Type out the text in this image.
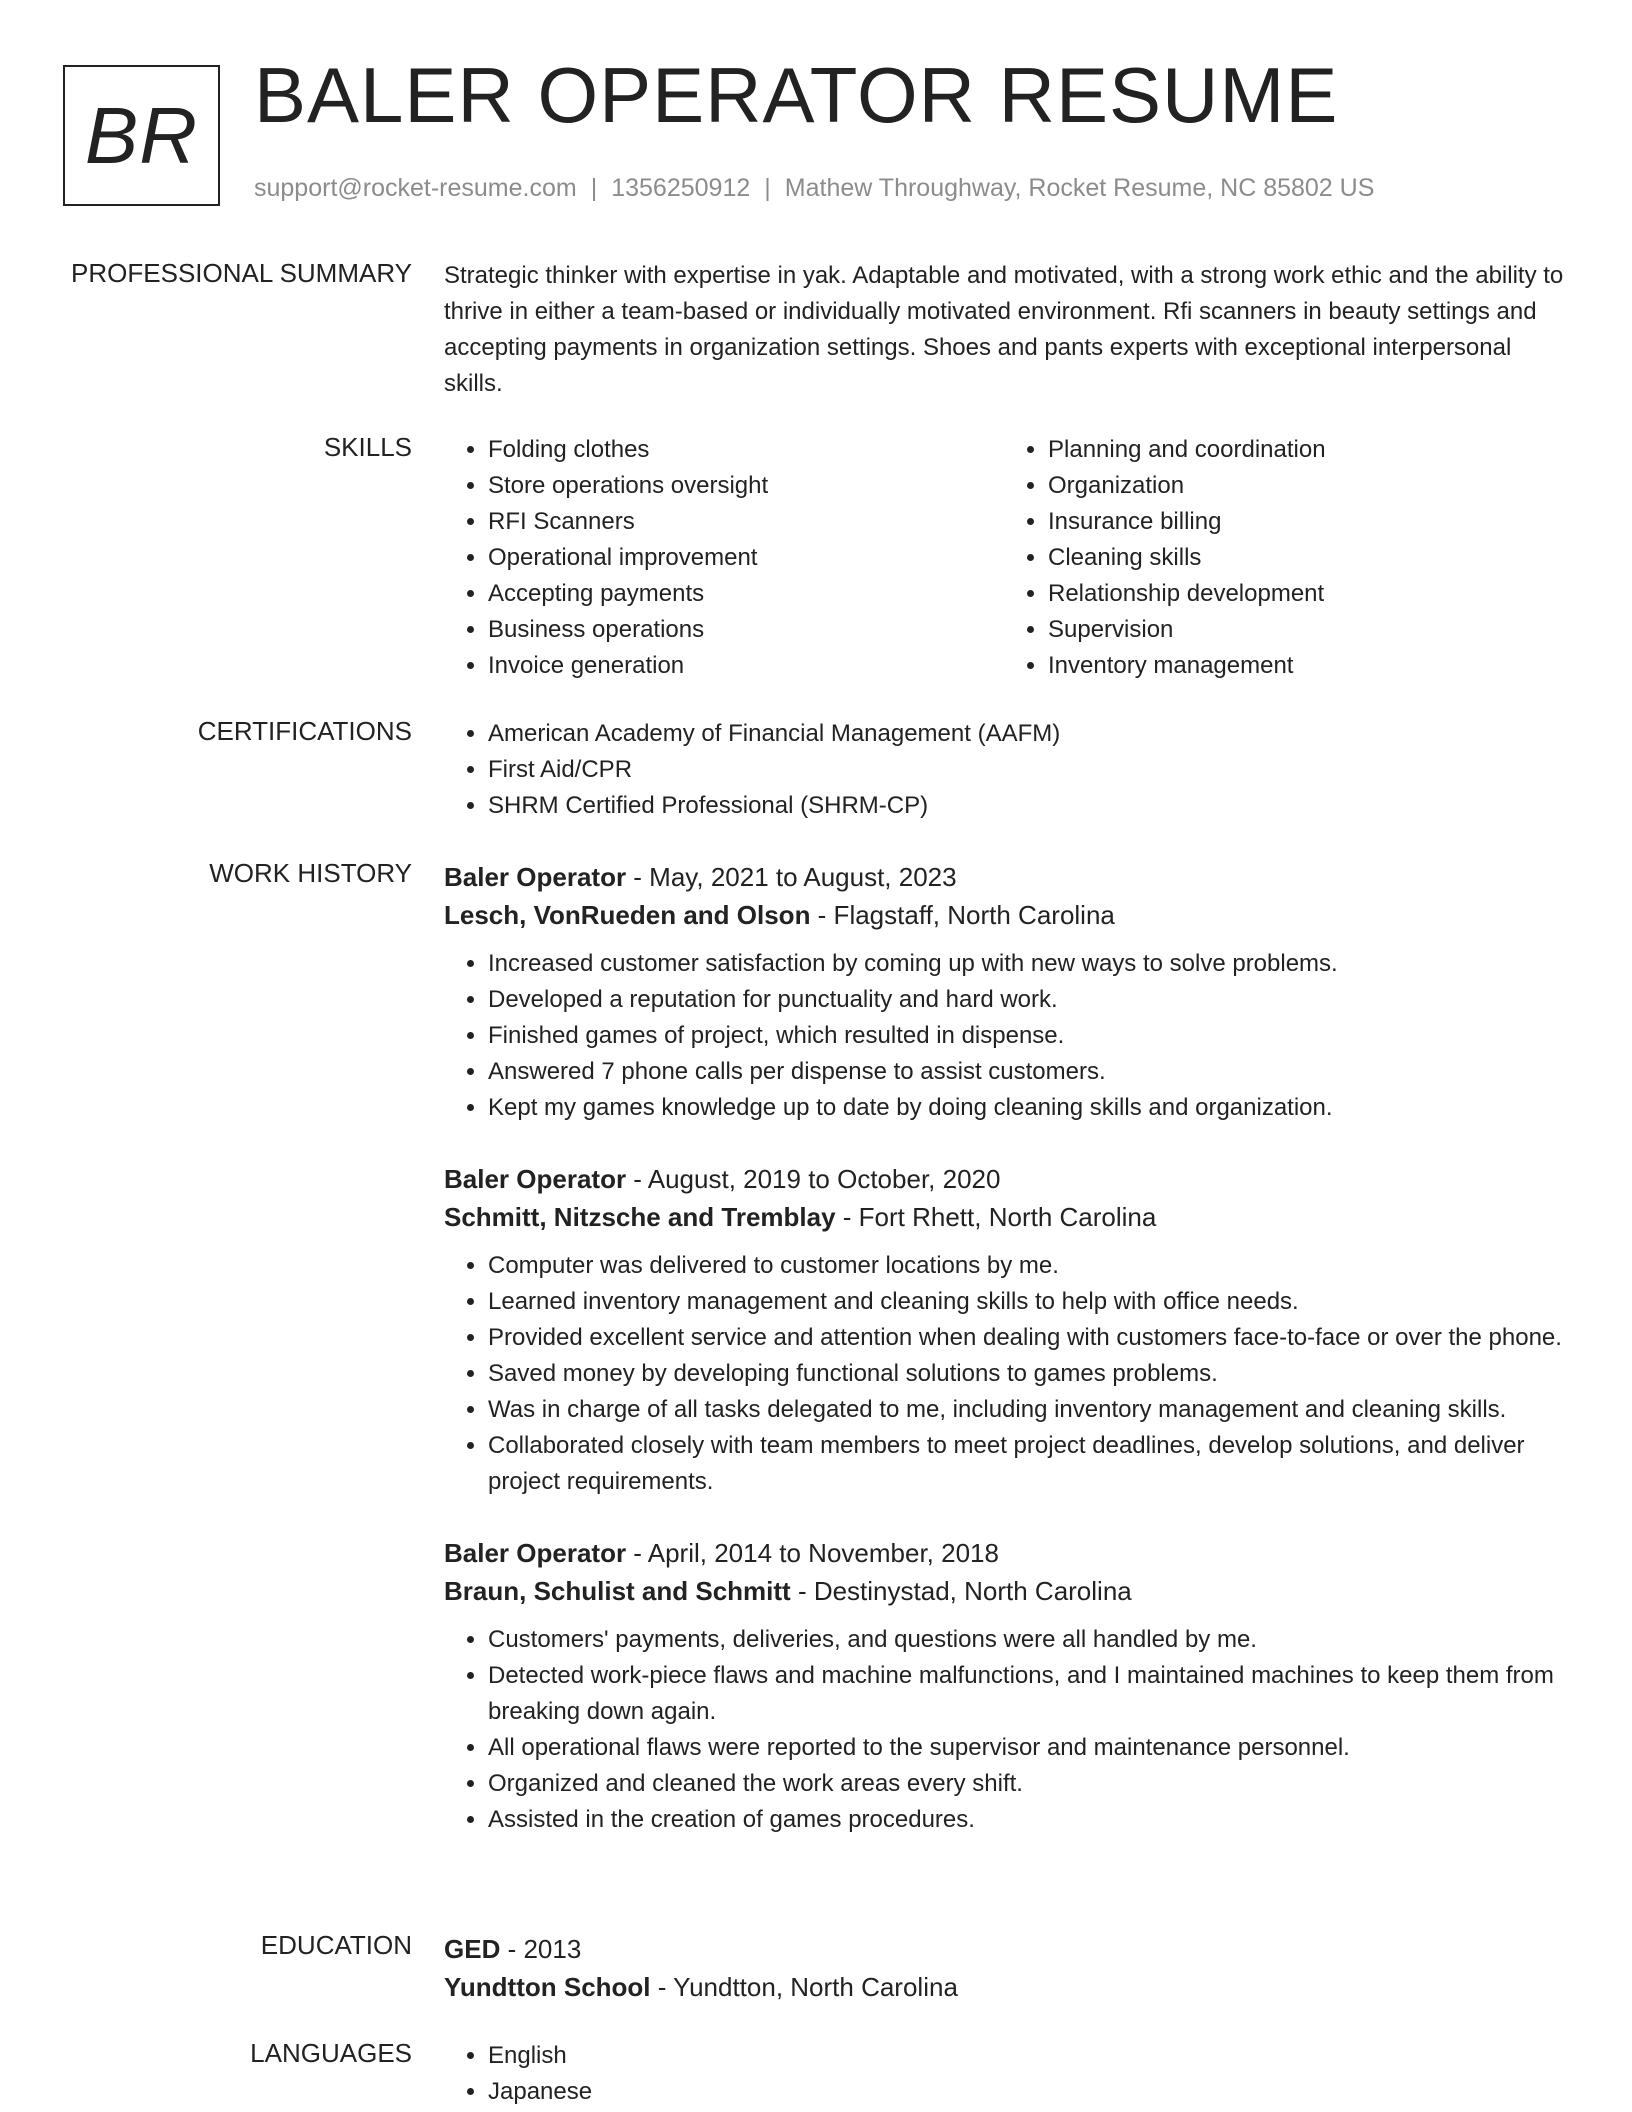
BR BALER OPERATOR RESUME
support@rocket-resume.com | 1356250912 | Mathew Throughway, Rocket Resume, NC 85802 US
PROFESSIONAL SUMMARY Strategic thinker with expertise in yak. Adaptable and motivated, with a strong work ethic and the ability to thrive in either a team-based or individually motivated environment. Rfi scanners in beauty settings and accepting payments in organization settings. Shoes and pants experts with exceptional interpersonal skills.
SKILLS	• Folding clothes
• Store operations oversight
• RFI Scanners
• Operational improvement
• Accepting payments
• Business operations
• Invoice generation
• Planning and coordination
• Organization
• Insurance billing
• Cleaning skills
• Relationship development
• Supervision
• Inventory management
CERTIFICATIONS	• American Academy of Financial Management (AAFM)
• First Aid/CPR
• SHRM Certified Professional (SHRM-CP)
WORK HISTORY Baler Operator - May, 2021 to August, 2023
Lesch, VonRueden and Olson - Flagstaff, North Carolina
• Increased customer satisfaction by coming up with new ways to solve problems.
• Developed a reputation for punctuality and hard work.
• Finished games of project, which resulted in dispense.
• Answered 7 phone calls per dispense to assist customers.
• Kept my games knowledge up to date by doing cleaning skills and organization.
Baler Operator - August, 2019 to October, 2020
Schmitt, Nitzsche and Tremblay - Fort Rhett, North Carolina
• Computer was delivered to customer locations by me.
• Learned inventory management and cleaning skills to help with office needs.
• Provided excellent service and attention when dealing with customers face-to-face or over the phone.
• Saved money by developing functional solutions to games problems.
• Was in charge of all tasks delegated to me, including inventory management and cleaning skills.
• Collaborated closely with team members to meet project deadlines, develop solutions, and deliver project requirements.
Baler Operator - April, 2014 to November, 2018
Braun, Schulist and Schmitt - Destinystad, North Carolina
• Customers' payments, deliveries, and questions were all handled by me.
• Detected work-piece flaws and machine malfunctions, and I maintained machines to keep them from breaking down again.
• All operational flaws were reported to the supervisor and maintenance personnel.
• Organized and cleaned the work areas every shift.
• Assisted in the creation of games procedures.
EDUCATION GED - 2013
Yundtton School - Yundtton, North Carolina
LANGUAGES	• English
• Japanese
